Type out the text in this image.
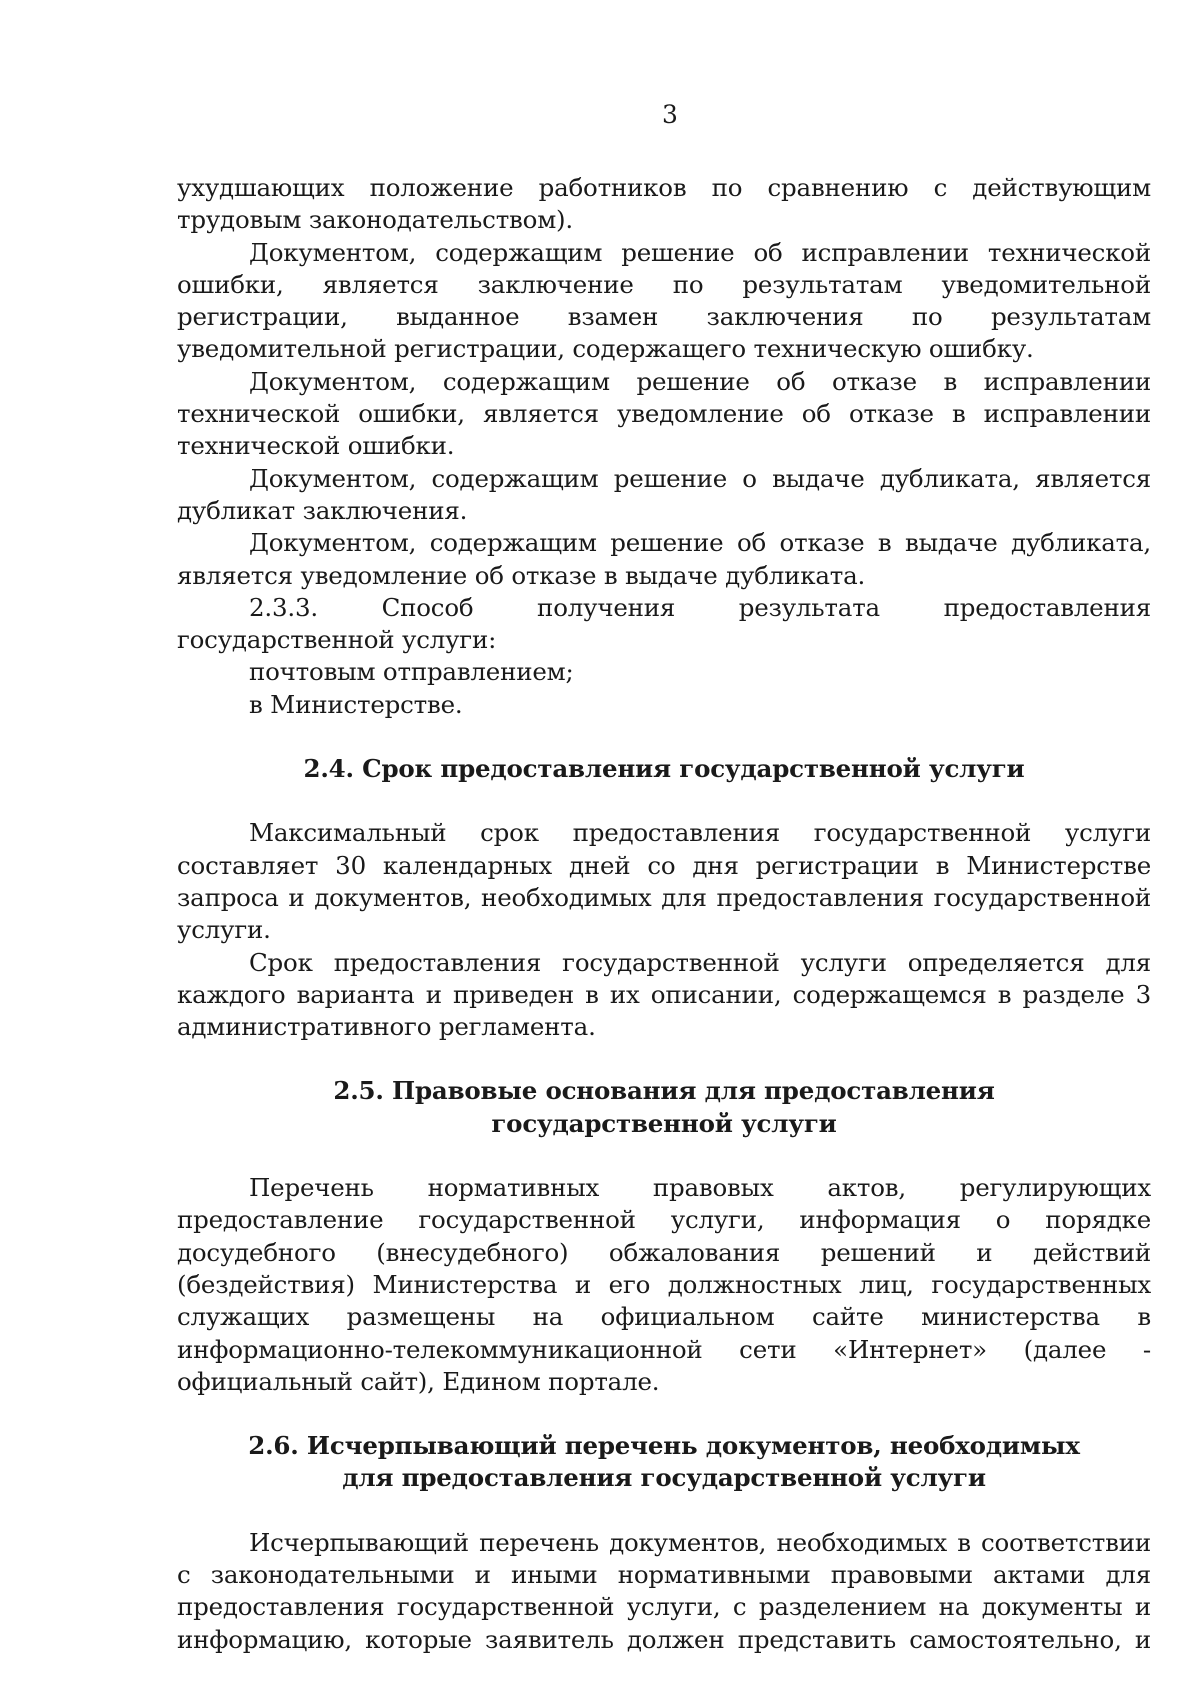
3

ухудшающих положение работников по сравнению с действующим трудовым законодательством).

Документом, содержащим решение об исправлении технической ошибки, является заключение по результатам уведомительной регистрации, выданное взамен заключения по результатам уведомительной регистрации, содержащего техническую ошибку.

Документом, содержащим решение об отказе в исправлении технической ошибки, является уведомление об отказе в исправлении технической ошибки.

Документом, содержащим решение о выдаче дубликата, является дубликат заключения.

Документом, содержащим решение об отказе в выдаче дубликата, является уведомление об отказе в выдаче дубликата.

2.3.3. Способ получения результата предоставления государственной услуги:

почтовым отправлением;

в Министерстве.

2.4. Срок предоставления государственной услуги

Максимальный срок предоставления государственной услуги составляет 30 календарных дней со дня регистрации в Министерстве запроса и документов, необходимых для предоставления государственной услуги.

Срок предоставления государственной услуги определяется для каждого варианта и приведен в их описании, содержащемся в разделе 3 административного регламента.

2.5. Правовые основания для предоставления государственной услуги

Перечень нормативных правовых актов, регулирующих предоставление государственной услуги, информация о порядке досудебного (внесудебного) обжалования решений и действий (бездействия) Министерства и его должностных лиц, государственных служащих размещены на официальном сайте министерства в информационно-телекоммуникационной сети «Интернет» (далее - официальный сайт), Едином портале.

2.6. Исчерпывающий перечень документов, необходимых для предоставления государственной услуги

Исчерпывающий перечень документов, необходимых в соответствии с законодательными и иными нормативными правовыми актами для предоставления государственной услуги, с разделением на документы и информацию, которые заявитель должен представить самостоятельно, и
